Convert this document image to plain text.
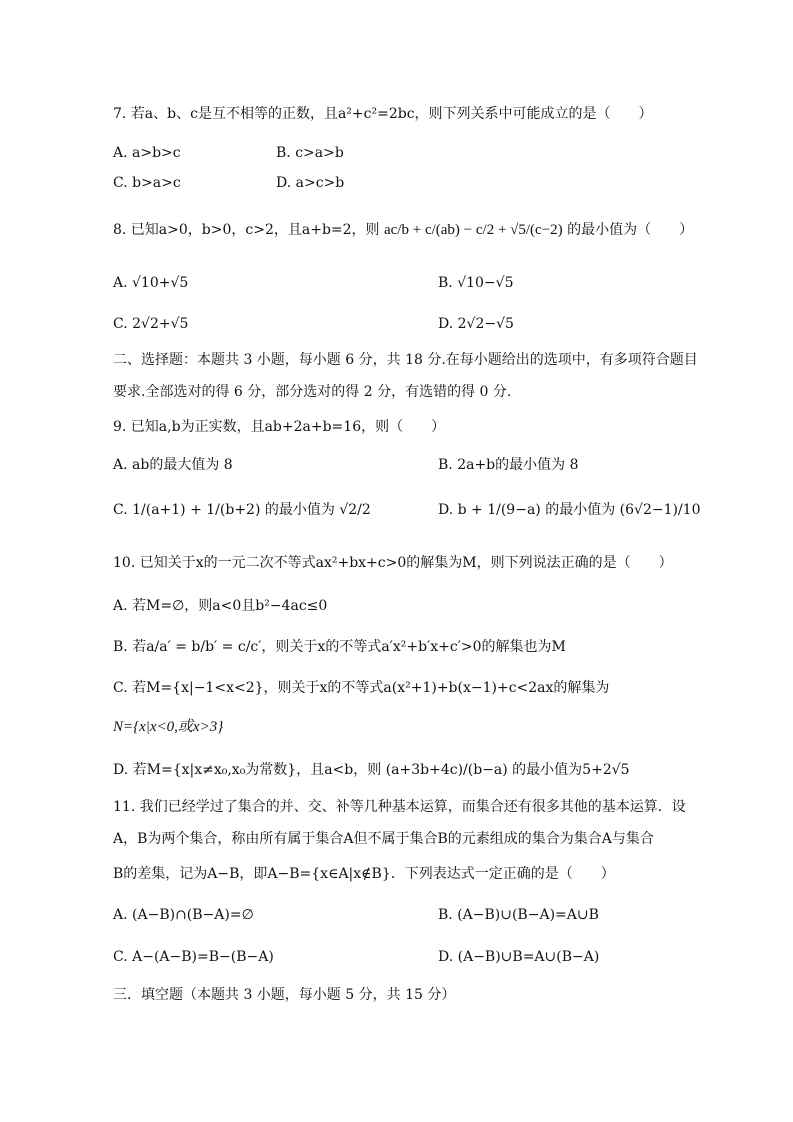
7. 若a、b、c是互不相等的正数，且a²+c²=2bc，则下列关系中可能成立的是（　　）
A. a>b>c	B. c>a>b
C. b>a>c	D. a>c>b
8. 已知a>0，b>0，c>2，且a+b=2，则 ac/b + c/(ab) − c/2 + √5/(c−2) 的最小值为（　　）
A. √10+√5	B. √10−√5
C. 2√2+√5	D. 2√2−√5
二、选择题：本题共 3 小题，每小题 6 分，共 18 分.在每小题给出的选项中，有多项符合题目
要求.全部选对的得 6 分，部分选对的得 2 分，有选错的得 0 分.
9. 已知a,b为正实数，且ab+2a+b=16，则（　　）
A. ab的最大值为 8	B. 2a+b的最小值为 8
C. 1/(a+1) + 1/(b+2) 的最小值为 √2/2	D. b + 1/(9−a) 的最小值为 (6√2−1)/10
10. 已知关于x的一元二次不等式ax²+bx+c>0的解集为M，则下列说法正确的是（　　）
A. 若M=∅，则a<0且b²−4ac≤0
B. 若a/a′ = b/b′ = c/c′，则关于x的不等式a′x²+b′x+c′>0的解集也为M
C. 若M={x|−1<x<2}，则关于x的不等式a(x²+1)+b(x−1)+c<2ax的解集为
N={x|x<0,或x>3}
D. 若M={x|x≠x₀,x₀为常数}，且a<b，则 (a+3b+4c)/(b−a) 的最小值为5+2√5
11. 我们已经学过了集合的并、交、补等几种基本运算，而集合还有很多其他的基本运算．设
A，B为两个集合，称由所有属于集合A但不属于集合B的元素组成的集合为集合A与集合
B的差集，记为A−B，即A−B={x∈A|x∉B}．下列表达式一定正确的是（　　）
A. (A−B)∩(B−A)=∅	B. (A−B)∪(B−A)=A∪B
C. A−(A−B)=B−(B−A)	D. (A−B)∪B=A∪(B−A)
三．填空题（本题共 3 小题，每小题 5 分，共 15 分）
